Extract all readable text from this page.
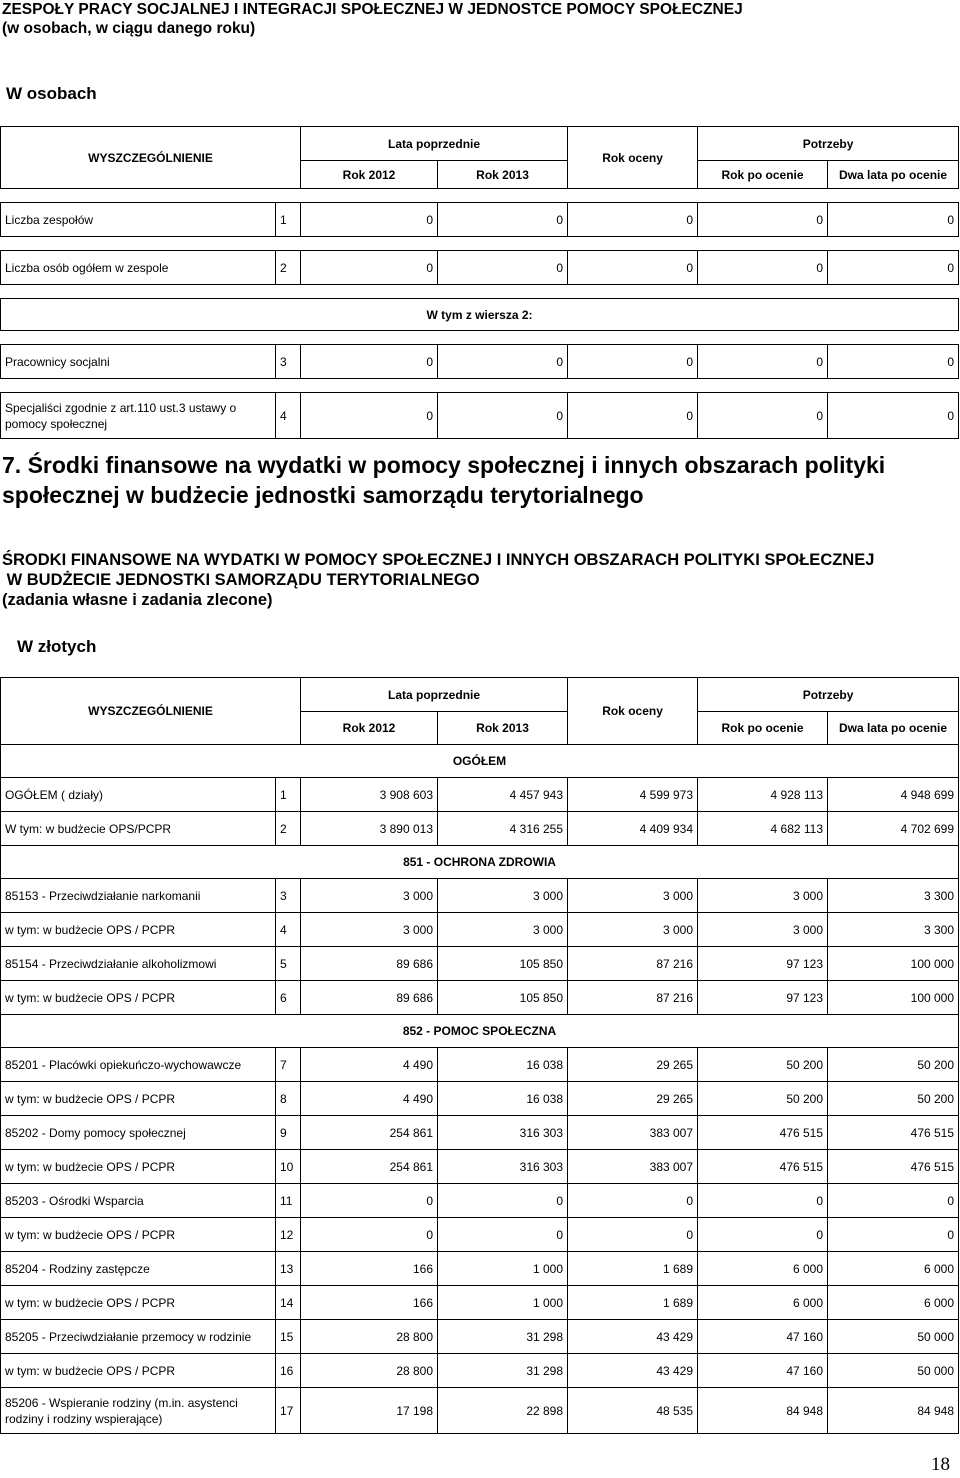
ZESPOŁY PRACY SOCJALNEJ I INTEGRACJI SPOŁECZNEJ W JEDNOSTCE POMOCY SPOŁECZNEJ
(w osobach, w ciągu danego roku)
W osobach
WYSZCZEGÓLNIENIE		Lata poprzednie		Rok oceny	Potrzeby	
		Rok 2012	Rok 2013		Rok po ocenie	Dwa lata po ocenie

Liczba zespołów	1	0	0	0	0	0

Liczba osób ogółem w zespole	2	0	0	0	0	0

W tym z wiersza 2:						

Pracownicy socjalni	3	0	0	0	0	0

Specjaliści zgodnie z art.110 ust.3 ustawy o pomocy społecznej	4	0	0	0	0	0
7. Środki finansowe na wydatki w pomocy społecznej i innych obszarach polityki społecznej w budżecie jednostki samorządu terytorialnego
ŚRODKI FINANSOWE NA WYDATKI W POMOCY SPOŁECZNEJ I INNYCH OBSZARACH POLITYKI SPOŁECZNEJ
W BUDŻECIE JEDNOSTKI SAMORZĄDU TERYTORIALNEGO
(zadania własne i zadania zlecone)
W złotych
WYSZCZEGÓLNIENIE		Lata poprzednie		Rok oceny	Potrzeby	
		Rok 2012	Rok 2013		Rok po ocenie	Dwa lata po ocenie
OGÓŁEM						
OGÓŁEM ( działy)	1	3 908 603	4 457 943	4 599 973	4 928 113	4 948 699
W tym: w budżecie OPS/PCPR	2	3 890 013	4 316 255	4 409 934	4 682 113	4 702 699
851 - OCHRONA ZDROWIA						
85153 - Przeciwdziałanie narkomanii	3	3 000	3 000	3 000	3 000	3 300
w tym: w budżecie OPS / PCPR	4	3 000	3 000	3 000	3 000	3 300
85154 - Przeciwdziałanie alkoholizmowi	5	89 686	105 850	87 216	97 123	100 000
w tym: w budżecie OPS / PCPR	6	89 686	105 850	87 216	97 123	100 000
852 - POMOC SPOŁECZNA						
85201 - Placówki opiekuńczo-wychowawcze	7	4 490	16 038	29 265	50 200	50 200
w tym: w budżecie OPS / PCPR	8	4 490	16 038	29 265	50 200	50 200
85202 - Domy pomocy społecznej	9	254 861	316 303	383 007	476 515	476 515
w tym: w budżecie OPS / PCPR	10	254 861	316 303	383 007	476 515	476 515
85203 - Ośrodki Wsparcia	11	0	0	0	0	0
w tym: w budżecie OPS / PCPR	12	0	0	0	0	0
85204 - Rodziny zastępcze	13	166	1 000	1 689	6 000	6 000
w tym: w budżecie OPS / PCPR	14	166	1 000	1 689	6 000	6 000
85205 - Przeciwdziałanie przemocy w rodzinie	15	28 800	31 298	43 429	47 160	50 000
w tym: w budżecie OPS / PCPR	16	28 800	31 298	43 429	47 160	50 000
85206 - Wspieranie rodziny (m.in. asystenci rodziny i rodziny wspierające)	17	17 198	22 898	48 535	84 948	84 948
18
